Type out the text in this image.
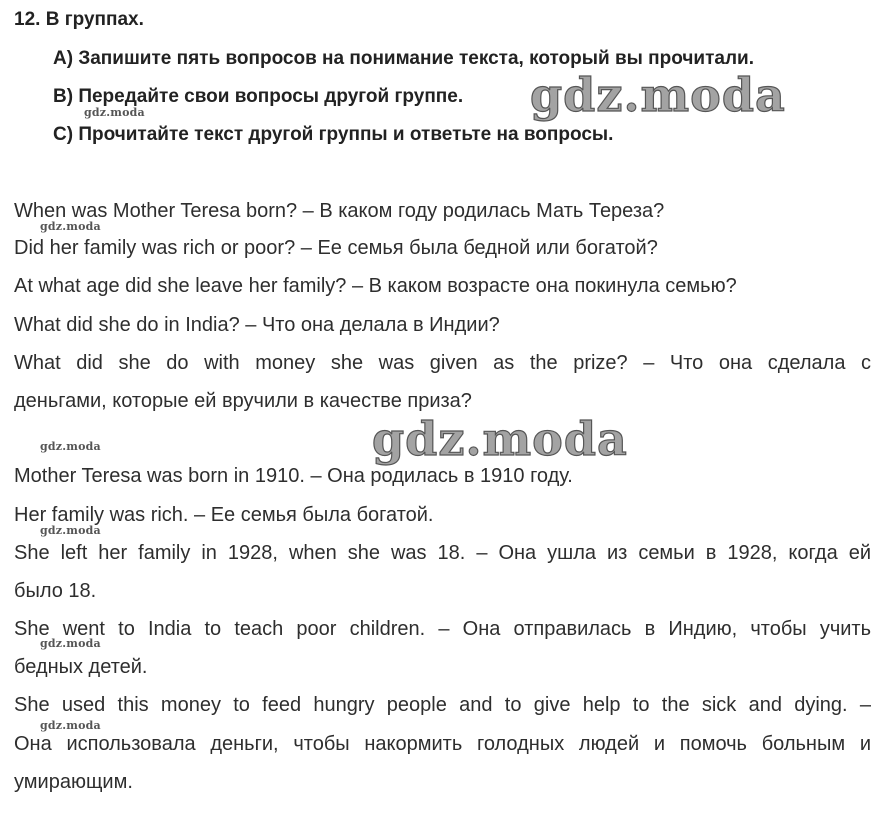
12. В группах.
А) Запишите пять вопросов на понимание текста, который вы прочитали.
В) Передайте свои вопросы другой группе.
С) Прочитайте текст другой группы и ответьте на вопросы.
When was Mother Teresa born? – В каком году родилась Мать Тереза?
Did her family was rich or poor? – Ее семья была бедной или богатой?
At what age did she leave her family? – В каком возрасте она покинула семью?
What did she do in India? – Что она делала в Индии?
What did she do with money she was given as the prize? – Что она сделала с
деньгами, которые ей вручили в качестве приза?
Mother Teresa was born in 1910. – Она родилась в 1910 году.
Her family was rich. – Ее семья была богатой.
She left her family in 1928, when she was 18. – Она ушла из семьи в 1928, когда ей
было 18.
She went to India to teach poor children. – Она отправилась в Индию, чтобы учить
бедных детей.
She used this money to feed hungry people and to give help to the sick and dying. –
Она использовала деньги, чтобы накормить голодных людей и помочь больным и
умирающим.
gdz.moda
gdz.moda
gdz.moda
gdz.moda
gdz.moda
gdz.moda
gdz.moda
gdz.moda
